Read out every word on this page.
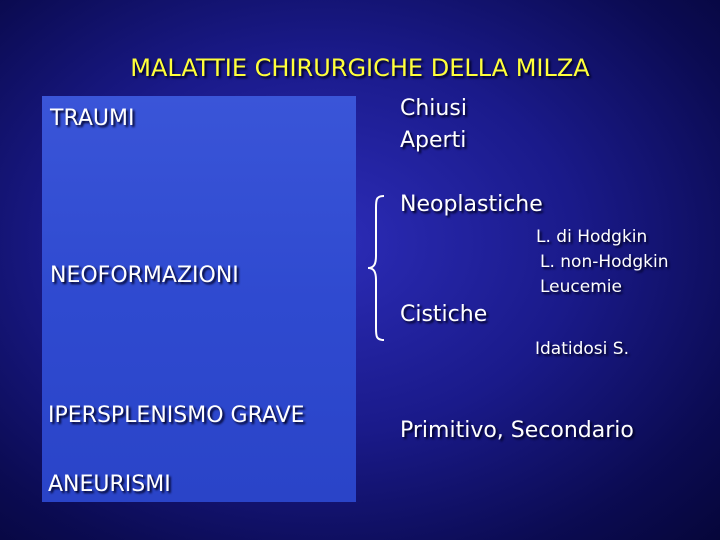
MALATTIE CHIRURGICHE DELLA MILZA
TRAUMI
NEOFORMAZIONI
IPERSPLENISMO GRAVE
ANEURISMI
Chiusi
Aperti
Neoplastiche
L. di Hodgkin
L. non-Hodgkin
Leucemie
Cistiche
Idatidosi S.
Primitivo, Secondario
